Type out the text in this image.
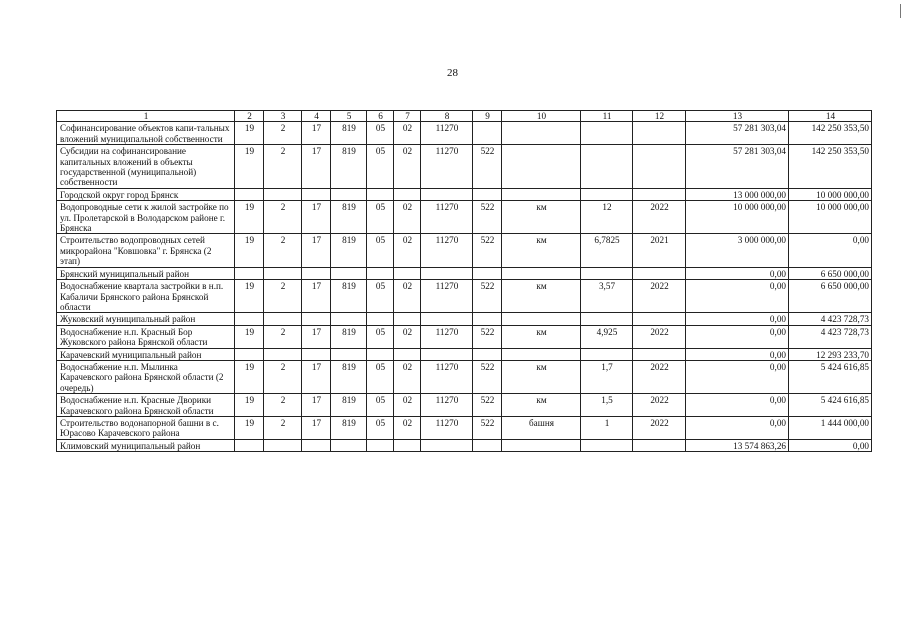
28
1	2	3	4	5	6	7	8	9	10	11	12	13	14
Софинансирование объектов капи-тальных вложений муниципальной собственности	19	2	17	819	05	02	11270					57 281 303,04	142 250 353,50
Субсидии на софинансирование капитальных вложений в объекты государственной (муниципальной) собственности	19	2	17	819	05	02	11270	522				57 281 303,04	142 250 353,50
Городской округ город Брянск												13 000 000,00	10 000 000,00
Водопроводные сети к жилой застройке по ул. Пролетарской в Володарском районе г. Брянска	19	2	17	819	05	02	11270	522	км	12	2022	10 000 000,00	10 000 000,00
Строительство водопроводных сетей микрорайона "Ковшовка" г. Брянска (2 этап)	19	2	17	819	05	02	11270	522	км	6,7825	2021	3 000 000,00	0,00
Брянский муниципальный район												0,00	6 650 000,00
Водоснабжение квартала застройки в н.п. Кабаличи Брянского района Брянской области	19	2	17	819	05	02	11270	522	км	3,57	2022	0,00	6 650 000,00
Жуковский муниципальный район												0,00	4 423 728,73
Водоснабжение н.п. Красный Бор Жуковского района Брянской области	19	2	17	819	05	02	11270	522	км	4,925	2022	0,00	4 423 728,73
Карачевский муниципальный район												0,00	12 293 233,70
Водоснабжение н.п. Мылинка Карачевского района Брянской области (2 очередь)	19	2	17	819	05	02	11270	522	км	1,7	2022	0,00	5 424 616,85
Водоснабжение н.п. Красные Дворики Карачевского района Брянской области	19	2	17	819	05	02	11270	522	км	1,5	2022	0,00	5 424 616,85
Строительство водонапорной башни в с. Юрасово Карачевского района	19	2	17	819	05	02	11270	522	башня	1	2022	0,00	1 444 000,00
Климовский муниципальный район												13 574 863,26	0,00
